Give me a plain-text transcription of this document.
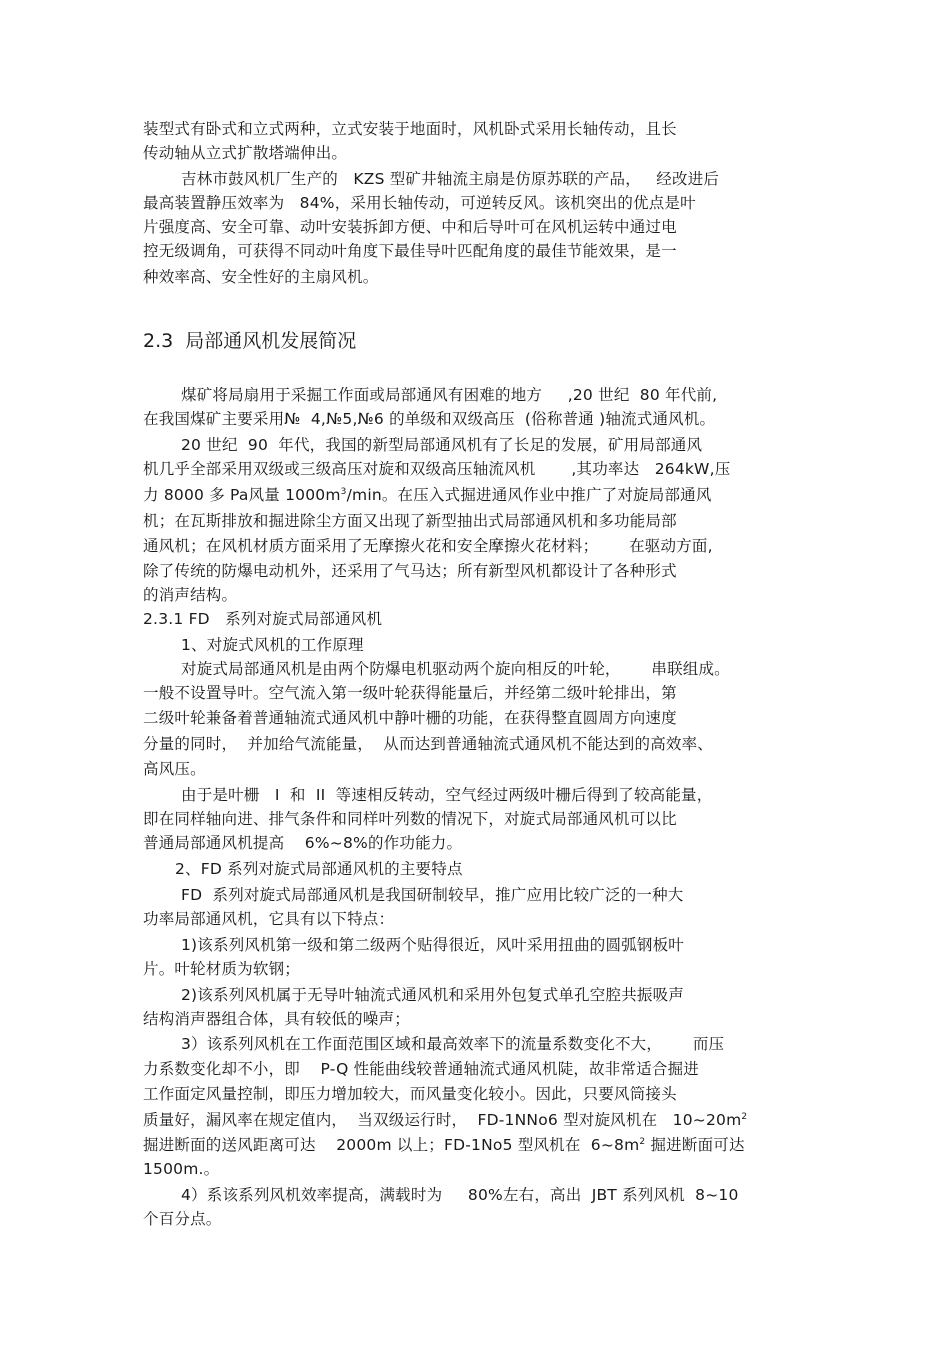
装型式有卧式和立式两种，立式安装于地面时，风机卧式采用长轴传动，且长
传动轴从立式扩散塔端伸出。
吉林市鼓风机厂生产的   KZS 型矿井轴流主扇是仿原苏联的产品，   经改进后
最高装置静压效率为   84%，采用长轴传动，可逆转反风。该机突出的优点是叶
片强度高、安全可靠、动叶安装拆卸方便、中和后导叶可在风机运转中通过电
控无级调角，可获得不同动叶角度下最佳导叶匹配角度的最佳节能效果，是一
种效率高、安全性好的主扇风机。
2.3  局部通风机发展简况
煤矿将局扇用于采掘工作面或局部通风有困难的地方     ,20 世纪  80 年代前,
在我国煤矿主要采用№  4,№5,№6 的单级和双级高压  (俗称普通 )轴流式通风机。
20 世纪  90  年代，我国的新型局部通风机有了长足的发展，矿用局部通风
机几乎全部采用双级或三级高压对旋和双级高压轴流风机       ,其功率达   264kW,压
力 8000 多 Pa风量 $1000m^3/\min$。在压入式掘进通风作业中推广了对旋局部通风
机；在瓦斯排放和掘进除尘方面又出现了新型抽出式局部通风机和多功能局部
通风机；在风机材质方面采用了无摩擦火花和安全摩擦火花材料；      在驱动方面,
除了传统的防爆电动机外，还采用了气马达；所有新型风机都设计了各种形式
的消声结构。
2.3.1 FD   系列对旋式局部通风机
1、对旋式风机的工作原理
对旋式局部通风机是由两个防爆电机驱动两个旋向相反的叶轮，      串联组成。
一般不设置导叶。空气流入第一级叶轮获得能量后，并经第二级叶轮排出，第
二级叶轮兼备着普通轴流式通风机中静叶栅的功能，在获得整直圆周方向速度
分量的同时，  并加给气流能量，  从而达到普通轴流式通风机不能达到的高效率、
高风压。
由于是叶栅   I  和  II  等速相反转动，空气经过两级叶栅后得到了较高能量，
即在同样轴向进、排气条件和同样叶列数的情况下，对旋式局部通风机可以比
普通局部通风机提高    6%~8%的作功能力。
2、FD 系列对旋式局部通风机的主要特点
FD  系列对旋式局部通风机是我国研制较早，推广应用比较广泛的一种大
功率局部通风机，它具有以下特点：
1)该系列风机第一级和第二级两个贴得很近，风叶采用扭曲的圆弧钢板叶
片。叶轮材质为软钢；
2)该系列风机属于无导叶轴流式通风机和采用外包复式单孔空腔共振吸声
结构消声器组合体，具有较低的噪声；
3）该系列风机在工作面范围区域和最高效率下的流量系数变化不大，      而压
力系数变化却不小，即    P-Q 性能曲线较普通轴流式通风机陡，故非常适合掘进
工作面定风量控制，即压力增加较大，而风量变化较小。因此，只要风筒接头
质量好，漏风率在规定值内，  当双级运行时，  FD-1NNo6 型对旋风机在   $10\sim 20m^2$
掘进断面的送风距离可达    2000m 以上；FD-1No5 型风机在  $6\sim 8m^2$ 掘进断面可达
1500m.。
4）系该系列风机效率提高，满载时为     80%左右，高出  JBT 系列风机  8~10
个百分点。
